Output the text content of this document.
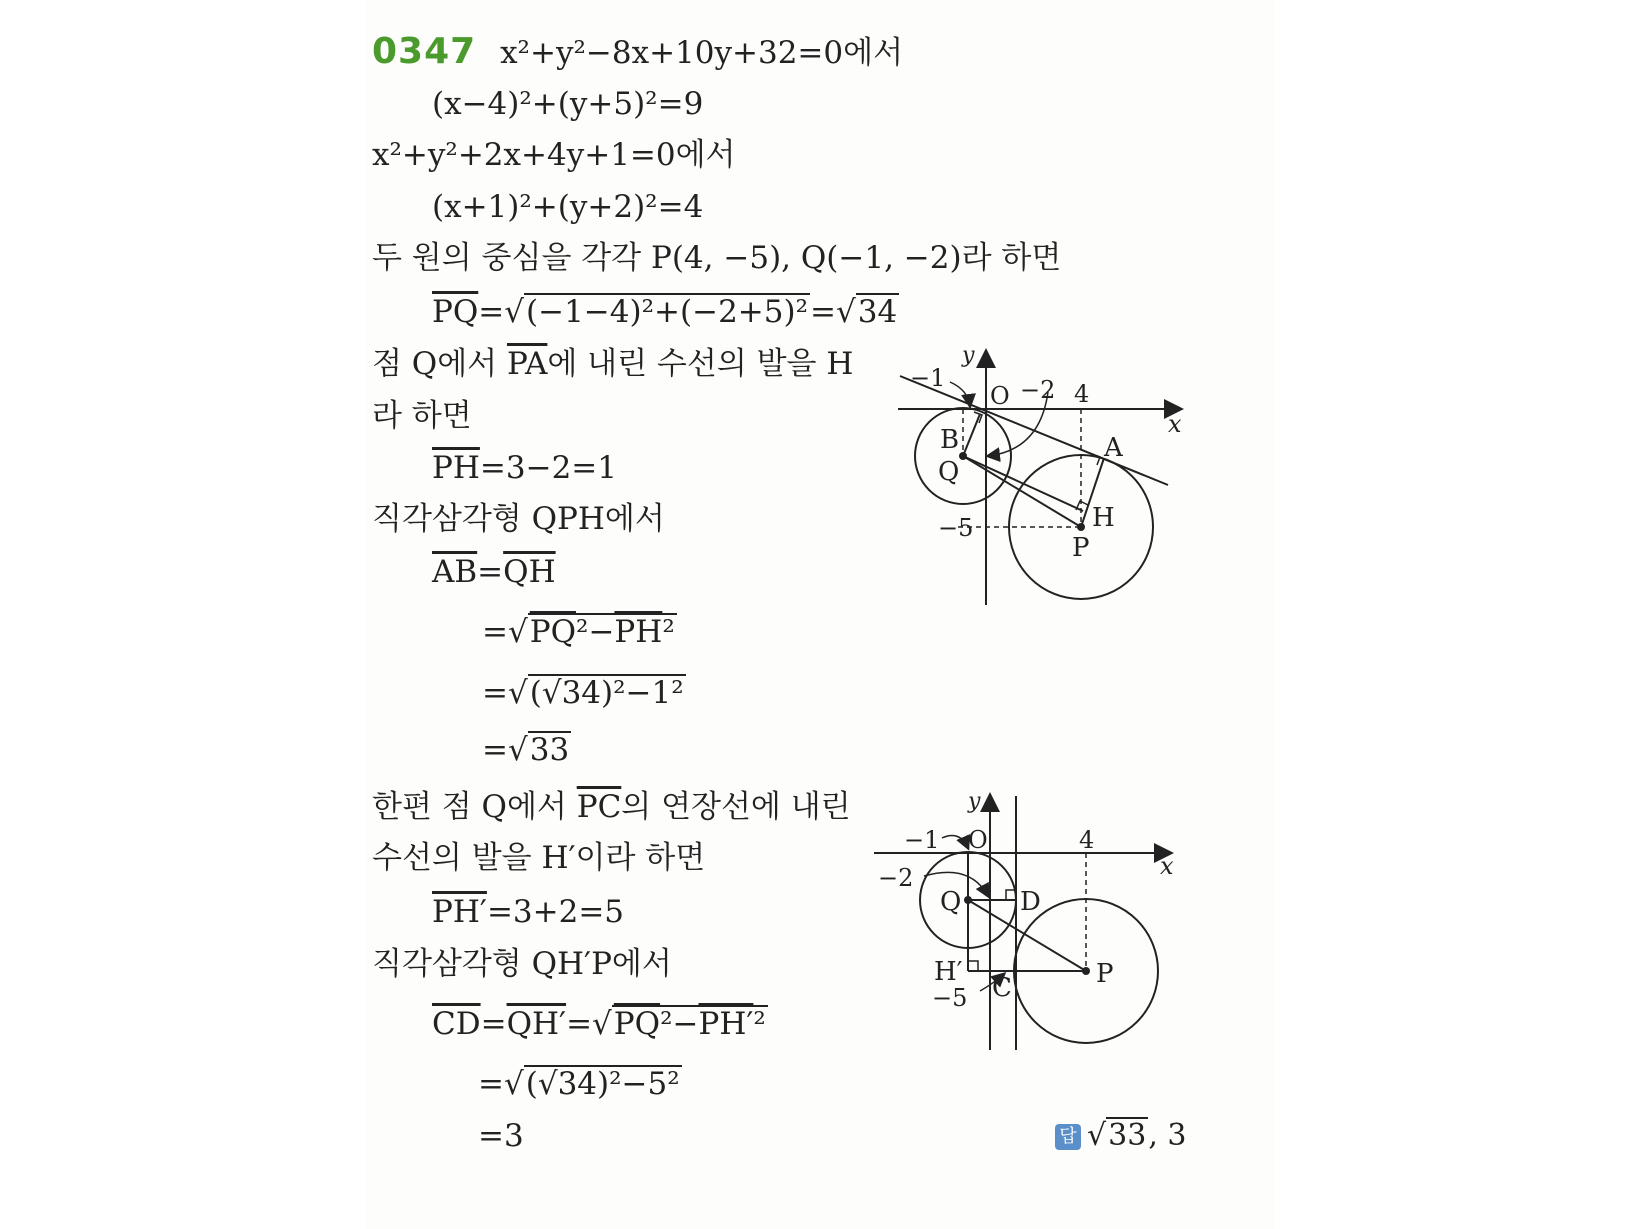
0347 x²+y²−8x+10y+32=0에서
(x−4)²+(y+5)²=9
x²+y²+2x+4y+1=0에서
(x+1)²+(y+2)²=4
두 원의 중심을 각각 P(4, −5), Q(−1, −2)라 하면
$\overline{PQ}=√(-1-4)^2+(-2+5)^2=√34$
점 Q에서 $\overline{PA}$에 내린 수선의 발을 H
라 하면
$\overline{PH}=3-2=1$
직각삼각형 QPH에서
$\overline{AB}=\overline{QH}$
$=√PQ^2-\overline{PH}^2$
=√(√34)²−1²
=√33
한편 점 Q에서 $\overline{PC}$의 연장선에 내린
수선의 발을 H′이라 하면
PH′=3+2=5
직각삼각형 QH′P에서
$\overline{CD}=QH'=√PQ^2-PH'^2$
=√(√34)²−5²
=3	답 √33, 3
y
x
O
−1	−2 4
A
B
Q
H
P
−5
y
x
O
−1
−2
4
Q D
H′	P
C
−5
